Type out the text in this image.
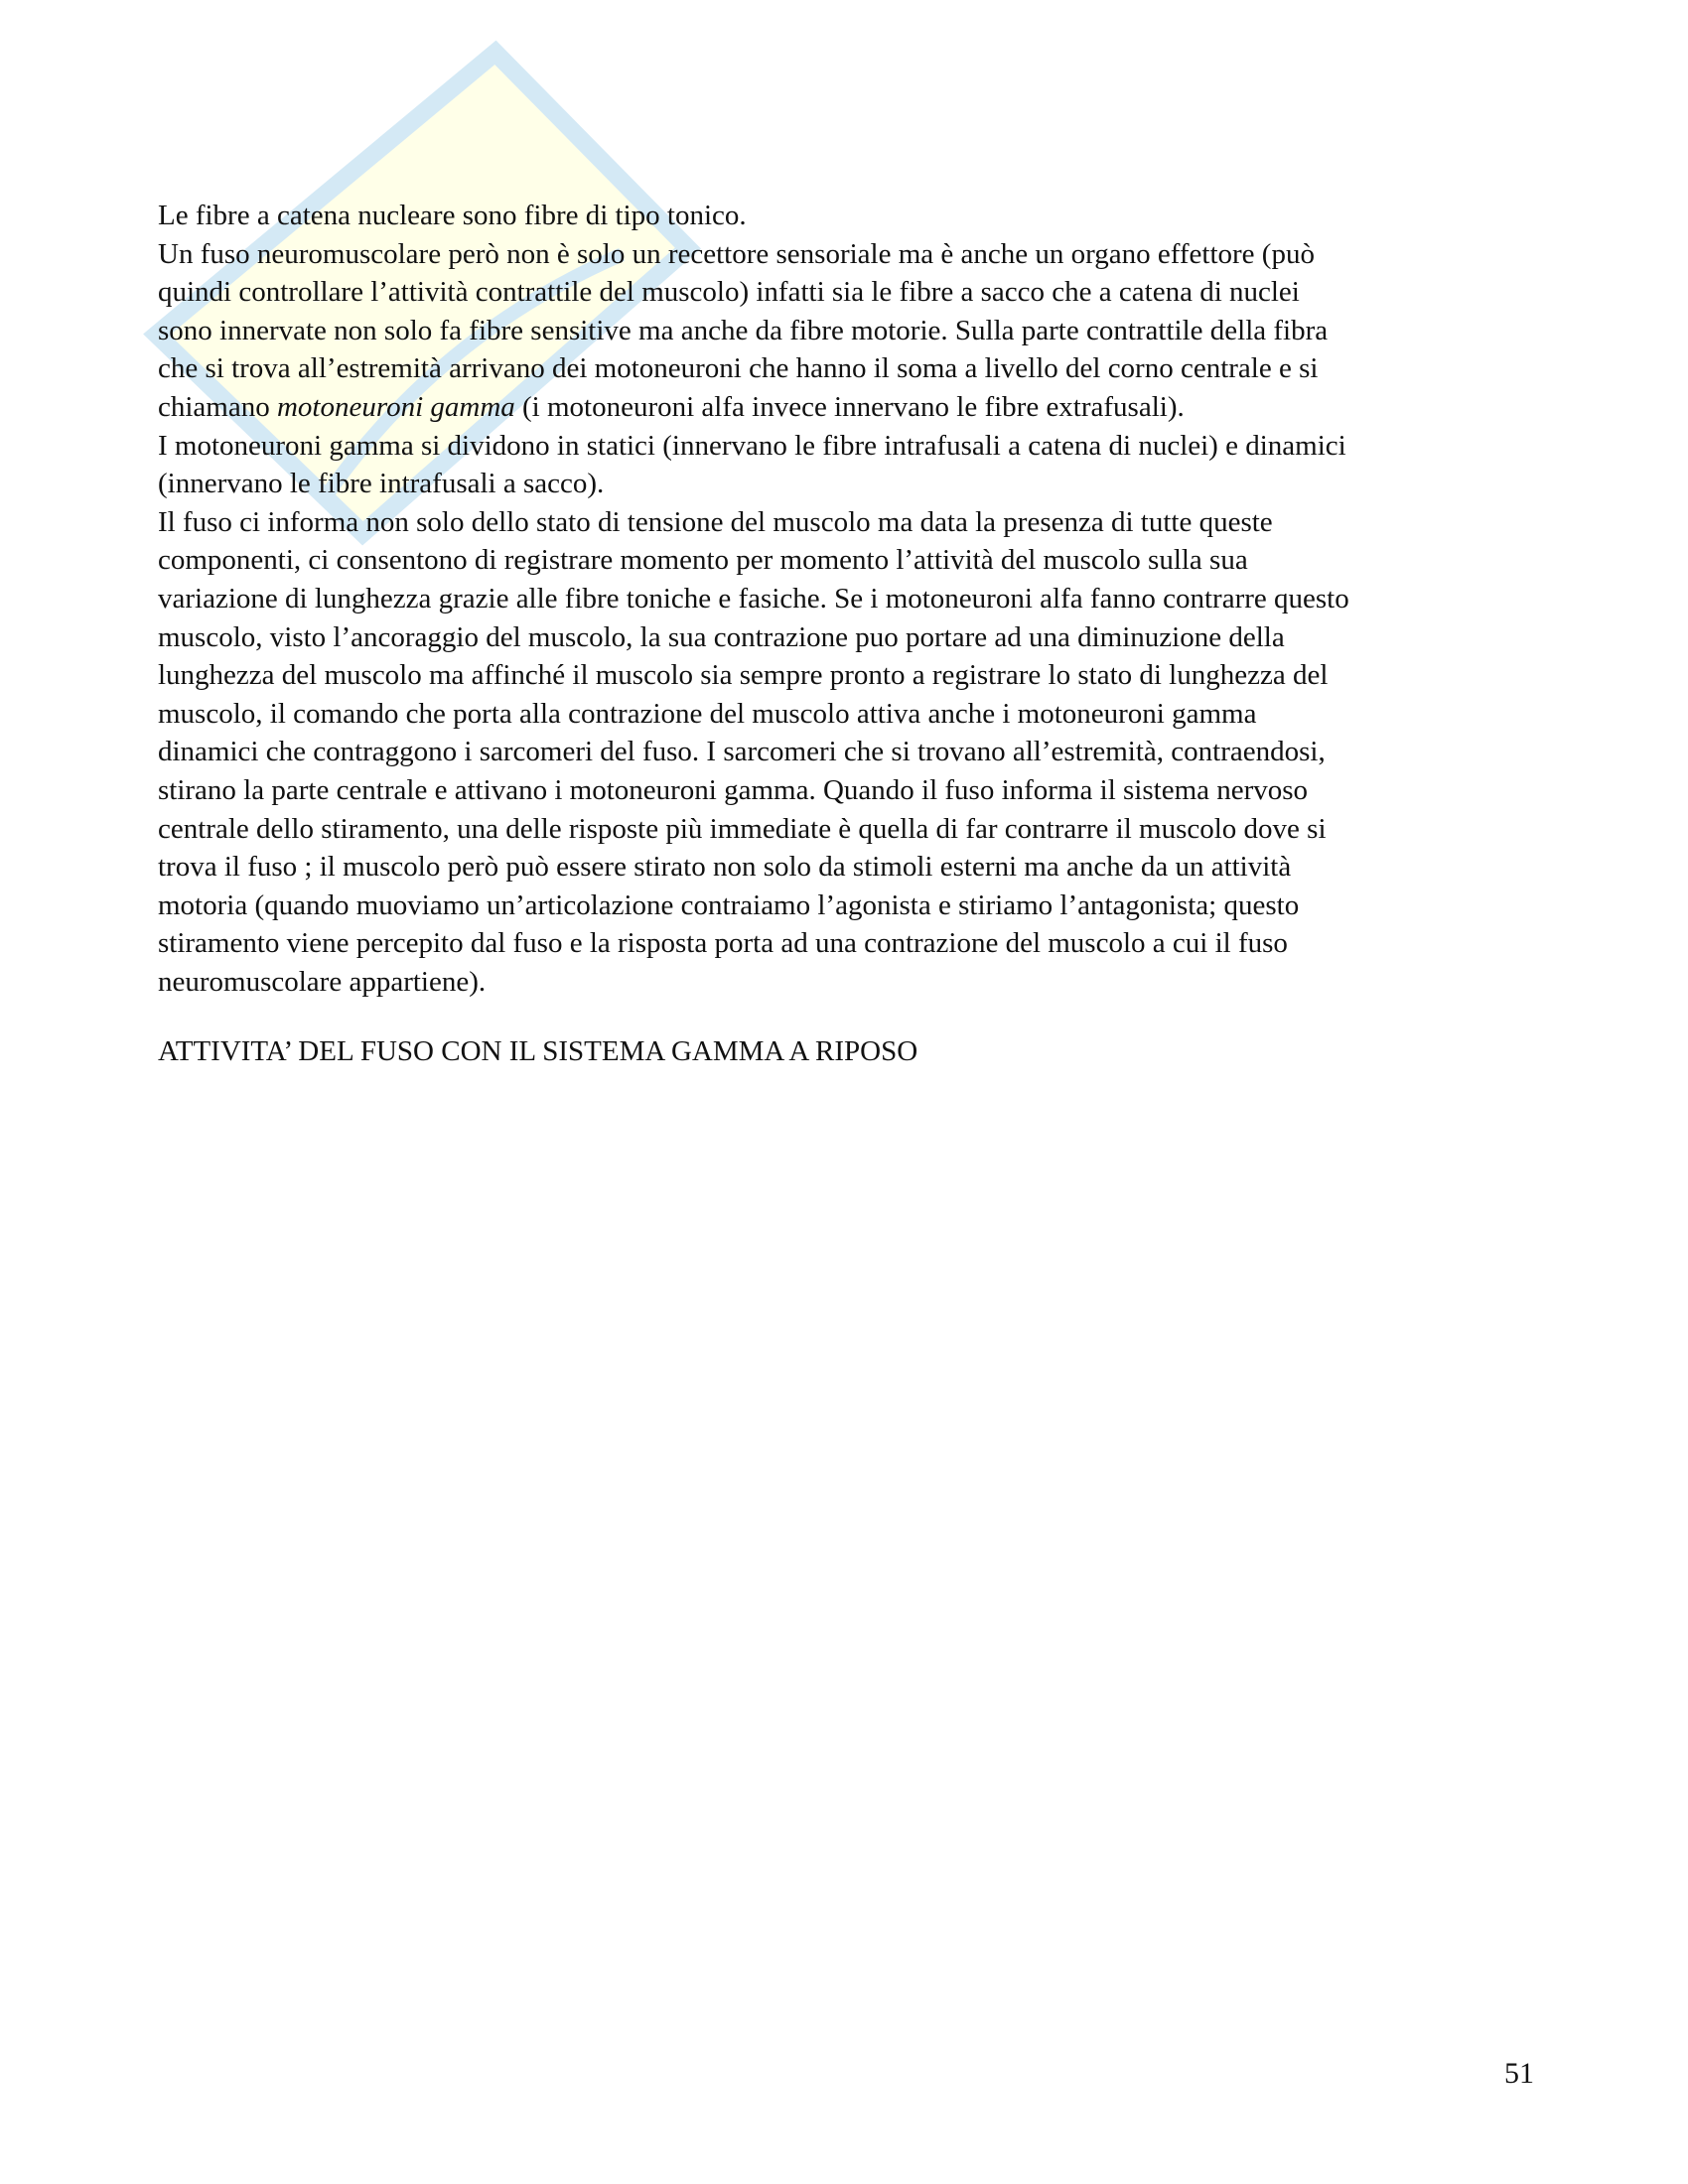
Le fibre a catena nucleare sono fibre di tipo tonico.
Un fuso neuromuscolare però non è solo un recettore sensoriale ma è anche un organo effettore (può
quindi controllare l’attività contrattile del muscolo) infatti sia le fibre a sacco che a catena di nuclei
sono innervate non solo fa fibre sensitive ma anche da fibre motorie. Sulla parte contrattile della fibra
che si trova all’estremità arrivano dei motoneuroni che hanno il soma a livello del corno centrale e si
chiamano motoneuroni gamma (i motoneuroni alfa invece innervano le fibre extrafusali).
I motoneuroni gamma si dividono in statici (innervano le fibre intrafusali a catena di nuclei) e dinamici
(innervano le fibre intrafusali a sacco).
Il fuso ci informa non solo dello stato di tensione del muscolo ma data la presenza di tutte queste
componenti, ci consentono di registrare momento per momento l’attività del muscolo sulla sua
variazione di lunghezza grazie alle fibre toniche e fasiche. Se i motoneuroni alfa fanno contrarre questo
muscolo, visto l’ancoraggio del muscolo, la sua contrazione puo portare ad una diminuzione della
lunghezza del muscolo ma affinché il muscolo sia sempre pronto a registrare lo stato di lunghezza del
muscolo, il comando che porta alla contrazione del muscolo attiva anche i motoneuroni gamma
dinamici che contraggono i sarcomeri del fuso. I sarcomeri che si trovano all’estremità, contraendosi,
stirano la parte centrale e attivano i motoneuroni gamma. Quando il fuso informa il sistema nervoso
centrale dello stiramento, una delle risposte più immediate è quella di far contrarre il muscolo dove si
trova il fuso ; il muscolo però può essere stirato non solo da stimoli esterni ma anche da un attività
motoria (quando muoviamo un’articolazione contraiamo l’agonista e stiriamo l’antagonista; questo
stiramento viene percepito dal fuso e la risposta porta ad una contrazione del muscolo a cui il fuso
neuromuscolare appartiene).
ATTIVITA’ DEL FUSO CON IL SISTEMA GAMMA A RIPOSO
51
